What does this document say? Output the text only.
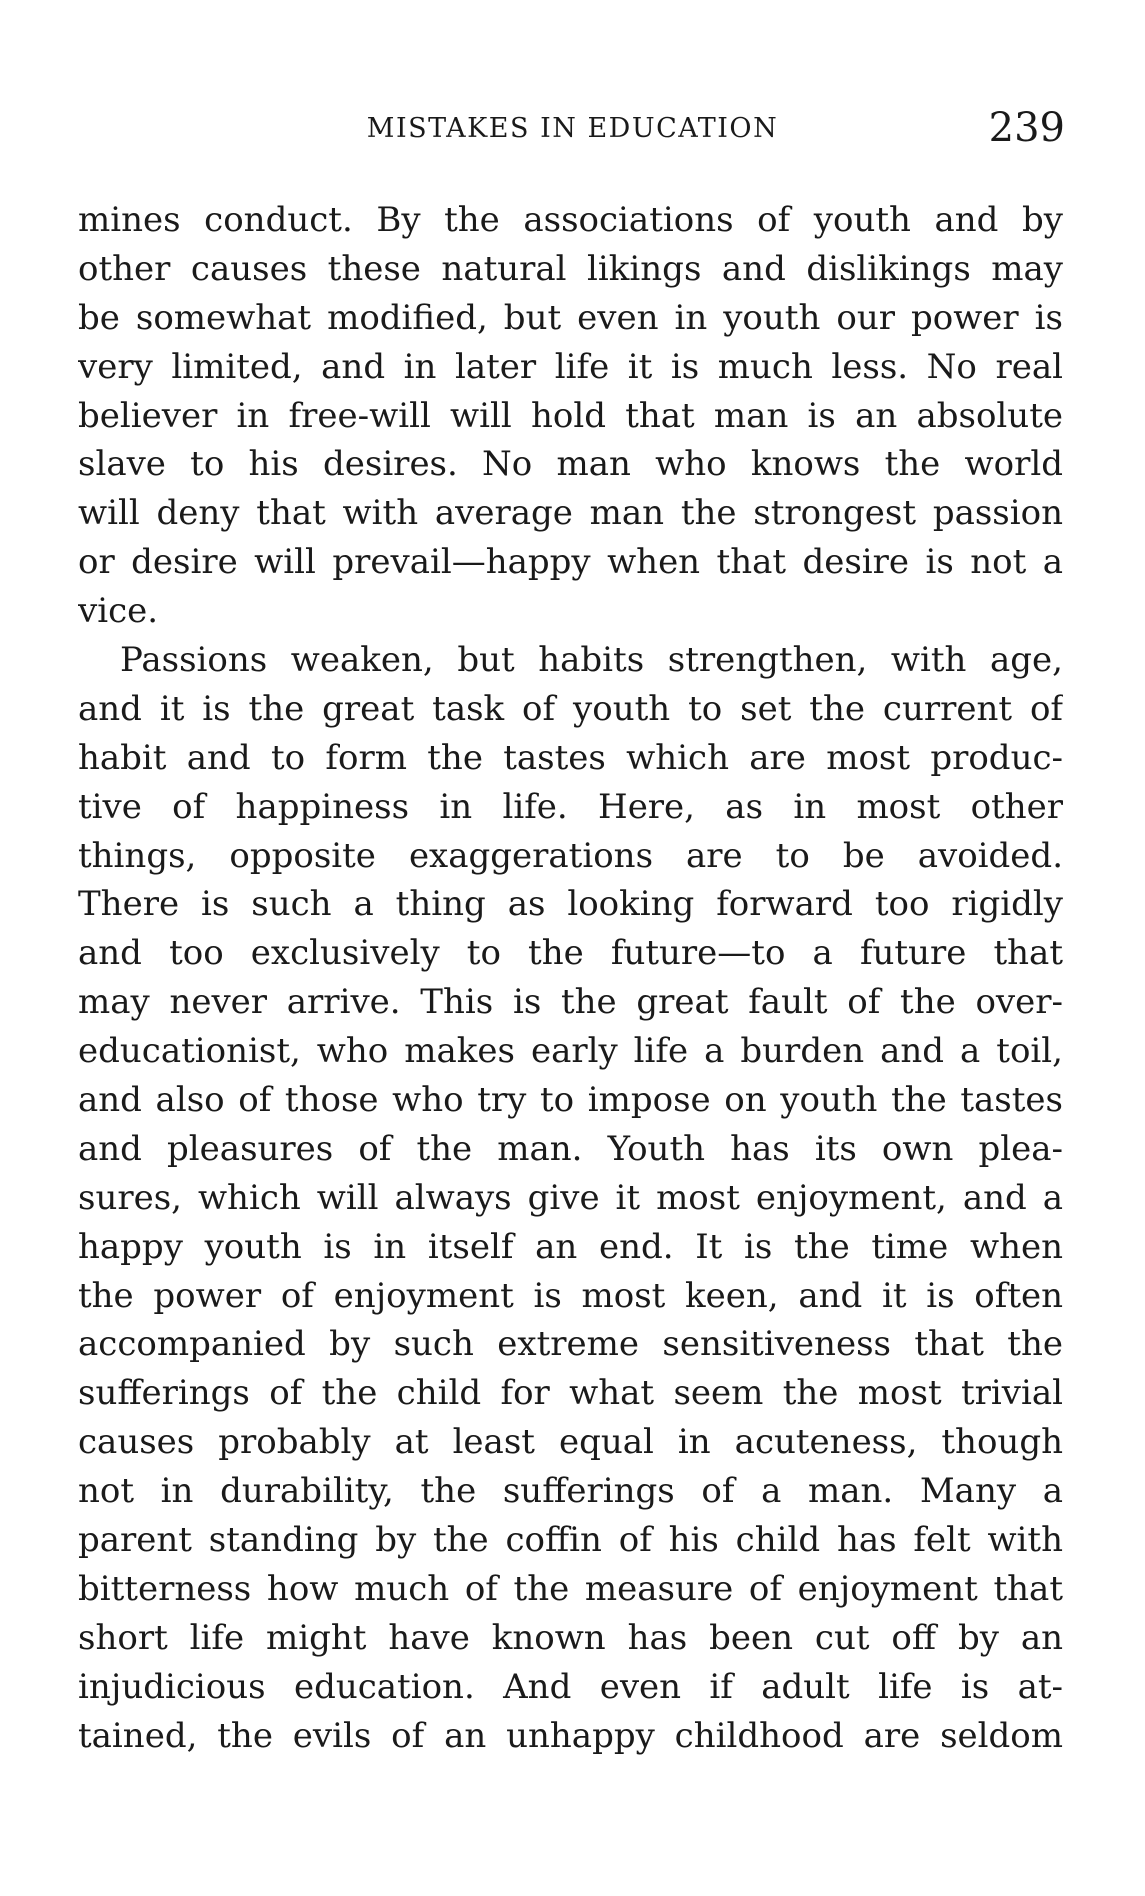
MISTAKES IN EDUCATION	239
mines conduct. By the associations of youth and by
other causes these natural likings and dislikings may
be somewhat modified, but even in youth our power is
very limited, and in later life it is much less. No real
believer in free-will will hold that man is an absolute
slave to his desires. No man who knows the world
will deny that with average man the strongest passion
or desire will prevail—happy when that desire is not a
vice.
Passions weaken, but habits strengthen, with age,
and it is the great task of youth to set the current of
habit and to form the tastes which are most produc-
tive of happiness in life. Here, as in most other
things, opposite exaggerations are to be avoided.
There is such a thing as looking forward too rigidly
and too exclusively to the future—to a future that
may never arrive. This is the great fault of the over-
educationist, who makes early life a burden and a toil,
and also of those who try to impose on youth the tastes
and pleasures of the man. Youth has its own plea-
sures, which will always give it most enjoyment, and a
happy youth is in itself an end. It is the time when
the power of enjoyment is most keen, and it is often
accompanied by such extreme sensitiveness that the
sufferings of the child for what seem the most trivial
causes probably at least equal in acuteness, though
not in durability, the sufferings of a man. Many a
parent standing by the coffin of his child has felt with
bitterness how much of the measure of enjoyment that
short life might have known has been cut off by an
injudicious education. And even if adult life is at-
tained, the evils of an unhappy childhood are seldom
